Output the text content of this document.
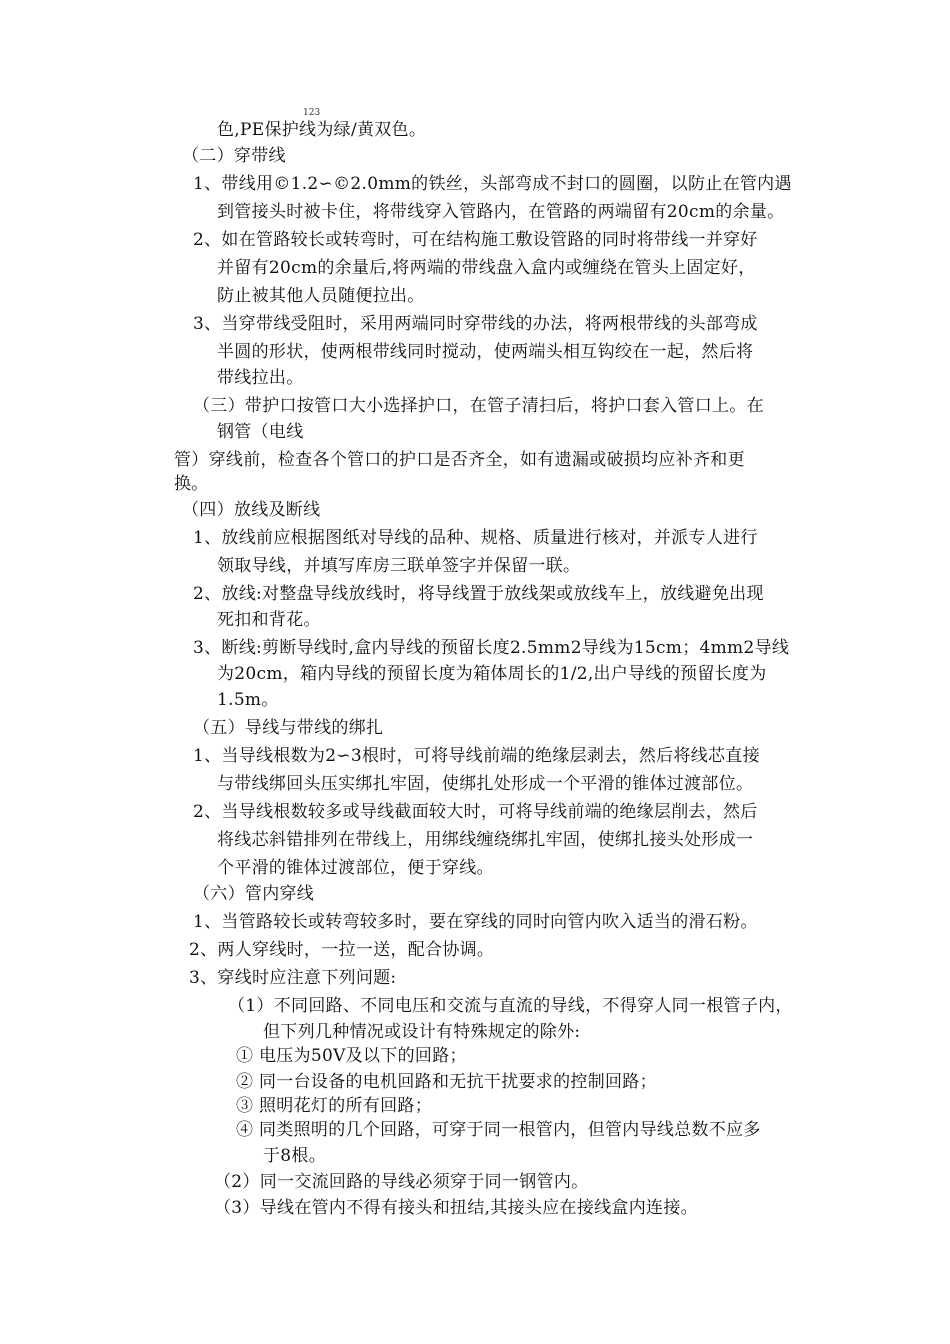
123
色,PE保护线为绿/黄双色。
（二）穿带线
1、带线用©1.2∽©2.0mm的铁丝，头部弯成不封口的圆圈，以防止在管内遇
到管接头时被卡住，将带线穿入管路内，在管路的两端留有20cm的余量。
2、如在管路较长或转弯时，可在结构施工敷设管路的同时将带线一并穿好
并留有20cm的余量后,将两端的带线盘入盒内或缠绕在管头上固定好，
防止被其他人员随便拉出。
3、当穿带线受阻时，采用两端同时穿带线的办法，将两根带线的头部弯成
半圆的形状，使两根带线同时搅动，使两端头相互钩绞在一起，然后将
带线拉出。
（三）带护口按管口大小选择护口，在管子清扫后，将护口套入管口上。在
钢管（电线
管）穿线前，检查各个管口的护口是否齐全，如有遗漏或破损均应补齐和更
换。
（四）放线及断线
1、放线前应根据图纸对导线的品种、规格、质量进行核对，并派专人进行
领取导线，并填写库房三联单签字并保留一联。
2、放线:对整盘导线放线时，将导线置于放线架或放线车上，放线避免出现
死扣和背花。
3、断线:剪断导线时,盒内导线的预留长度2.5mm2导线为15cm；4mm2导线
为20cm，箱内导线的预留长度为箱体周长的1/2,出户导线的预留长度为
1.5m。
（五）导线与带线的绑扎
1、当导线根数为2∽3根时，可将导线前端的绝缘层剥去，然后将线芯直接
与带线绑回头压实绑扎牢固，使绑扎处形成一个平滑的锥体过渡部位。
2、当导线根数较多或导线截面较大时，可将导线前端的绝缘层削去，然后
将线芯斜错排列在带线上，用绑线缠绕绑扎牢固，使绑扎接头处形成一
个平滑的锥体过渡部位，便于穿线。
（六）管内穿线
1、当管路较长或转弯较多时，要在穿线的同时向管内吹入适当的滑石粉。
2、两人穿线时，一拉一送，配合协调。
3、穿线时应注意下列问题:
（1）不同回路、不同电压和交流与直流的导线，不得穿人同一根管子内，
但下列几种情况或设计有特殊规定的除外:
① 电压为50V及以下的回路；
② 同一台设备的电机回路和无抗干扰要求的控制回路；
③ 照明花灯的所有回路；
④ 同类照明的几个回路，可穿于同一根管内，但管内导线总数不应多
于8根。
（2）同一交流回路的导线必须穿于同一钢管内。
（3）导线在管内不得有接头和扭结,其接头应在接线盒内连接。
